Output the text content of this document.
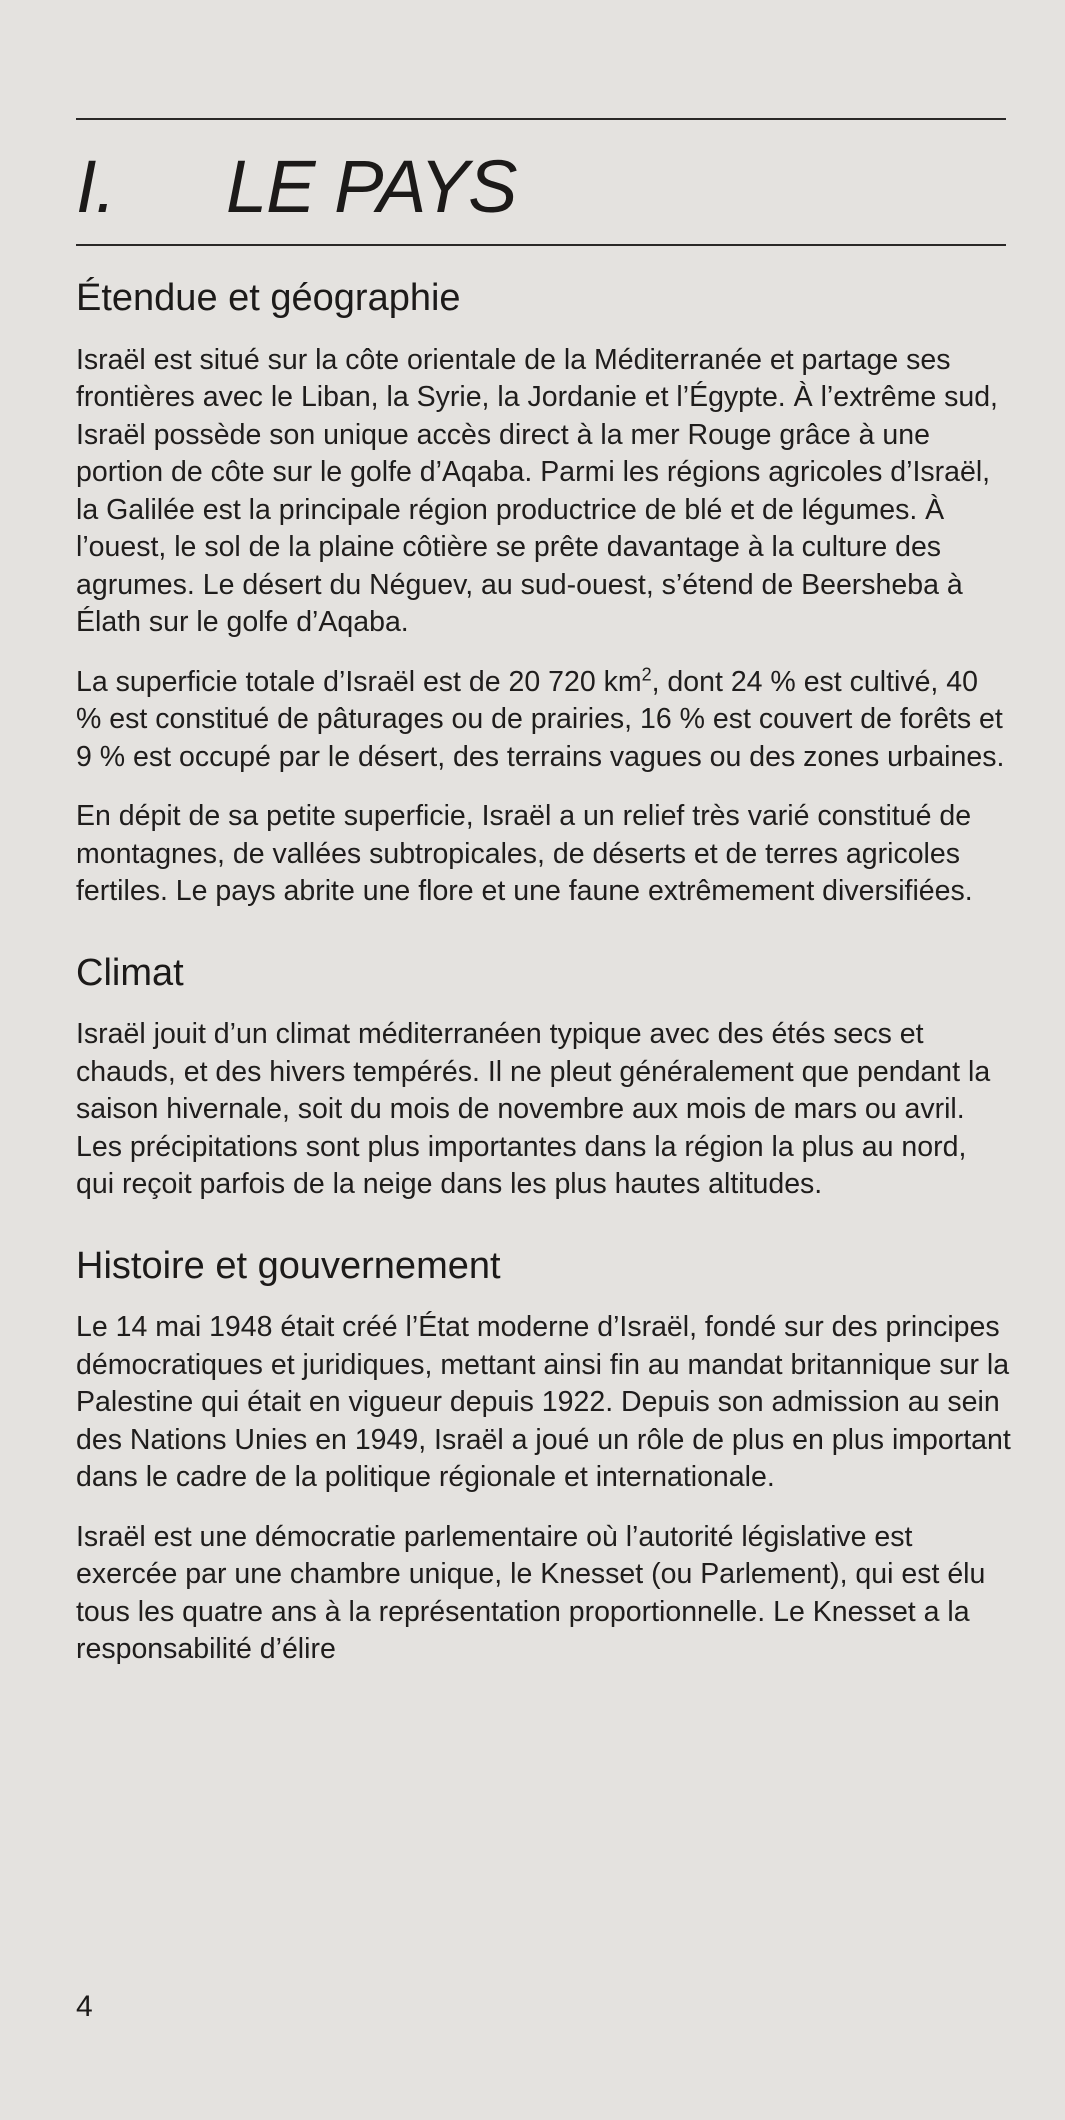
I.	LE PAYS
Étendue et géographie

Israël est situé sur la côte orientale de la Méditerranée et partage ses frontières avec le Liban, la Syrie, la Jordanie et l’Égypte. À l’extrême sud, Israël possède son unique accès direct à la mer Rouge grâce à une portion de côte sur le golfe d’Aqaba. Parmi les régions agricoles d’Israël, la Galilée est la principale région productrice de blé et de légumes. À l’ouest, le sol de la plaine côtière se prête davantage à la culture des agrumes. Le désert du Néguev, au sud-ouest, s’étend de Beersheba à Élath sur le golfe d’Aqaba.

La superficie totale d’Israël est de 20 720 $km^2$, dont 24 % est cultivé, 40 % est constitué de pâturages ou de prairies, 16 % est couvert de forêts et 9 % est occupé par le désert, des terrains vagues ou des zones urbaines.

En dépit de sa petite superficie, Israël a un relief très varié constitué de montagnes, de vallées subtropicales, de déserts et de terres agricoles fertiles. Le pays abrite une flore et une faune extrêmement diversifiées.

Climat

Israël jouit d’un climat méditerranéen typique avec des étés secs et chauds, et des hivers tempérés. Il ne pleut généralement que pendant la saison hivernale, soit du mois de novembre aux mois de mars ou avril. Les précipitations sont plus importantes dans la région la plus au nord, qui reçoit parfois de la neige dans les plus hautes altitudes.

Histoire et gouvernement

Le 14 mai 1948 était créé l’État moderne d’Israël, fondé sur des principes démocratiques et juridiques, mettant ainsi fin au mandat britannique sur la Palestine qui était en vigueur depuis 1922. Depuis son admission au sein des Nations Unies en 1949, Israël a joué un rôle de plus en plus important dans le cadre de la politique régionale et internationale.

Israël est une démocratie parlementaire où l’autorité législative est exercée par une chambre unique, le Knesset (ou Parlement), qui est élu tous les quatre ans à la représentation proportionnelle. Le Knesset a la responsabilité d’élire

4
